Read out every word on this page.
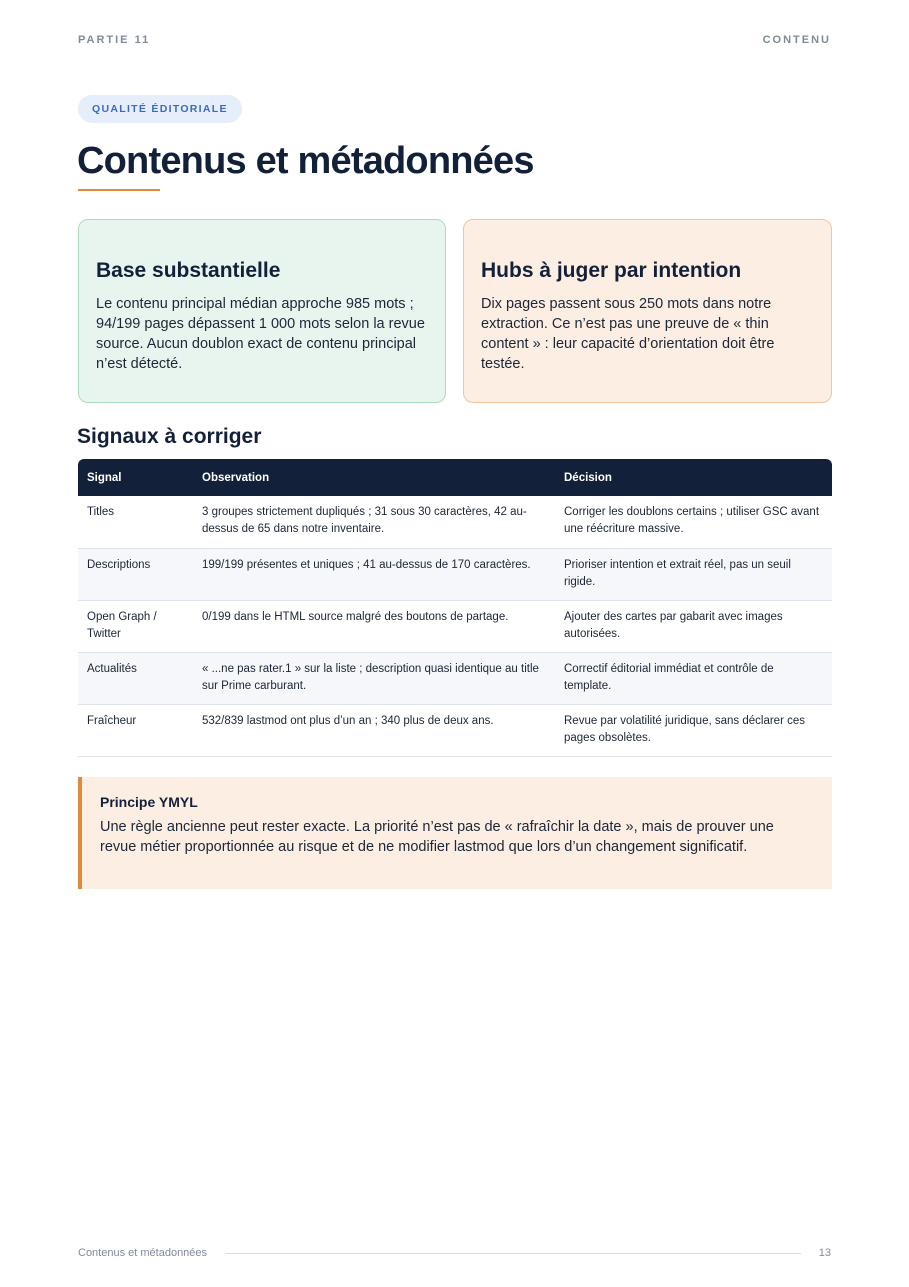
PARTIE 11	CONTENU
QUALITÉ ÉDITORIALE
Contenus et métadonnées
Base substantielle

Le contenu principal médian approche 985 mots ; 94/199 pages dépassent 1 000 mots selon la revue source. Aucun doublon exact de contenu principal n’est détecté.

Hubs à juger par intention

Dix pages passent sous 250 mots dans notre extraction. Ce n’est pas une preuve de « thin content » : leur capacité d’orientation doit être testée.

Signaux à corriger
Signal	Observation	Décision
Titles	3 groupes strictement dupliqués ; 31 sous 30 caractères, 42 au-dessus de 65 dans notre inventaire.	Corriger les doublons certains ; utiliser GSC avant une réécriture massive.
Descriptions	199/199 présentes et uniques ; 41 au-dessus de 170 caractères.	Prioriser intention et extrait réel, pas un seuil rigide.
Open Graph / Twitter	0/199 dans le HTML source malgré des boutons de partage.	Ajouter des cartes par gabarit avec images autorisées.
Actualités	« ...ne pas rater.1 » sur la liste ; description quasi identique au title sur Prime carburant.	Correctif éditorial immédiat et contrôle de template.
Fraîcheur	532/839 lastmod ont plus d’un an ; 340 plus de deux ans.	Revue par volatilité juridique, sans déclarer ces pages obsolètes.
Principe YMYL

Une règle ancienne peut rester exacte. La priorité n’est pas de « rafraîchir la date », mais de prouver une revue métier proportionnée au risque et de ne modifier lastmod que lors d’un changement significatif.

Contenus et métadonnées	13
